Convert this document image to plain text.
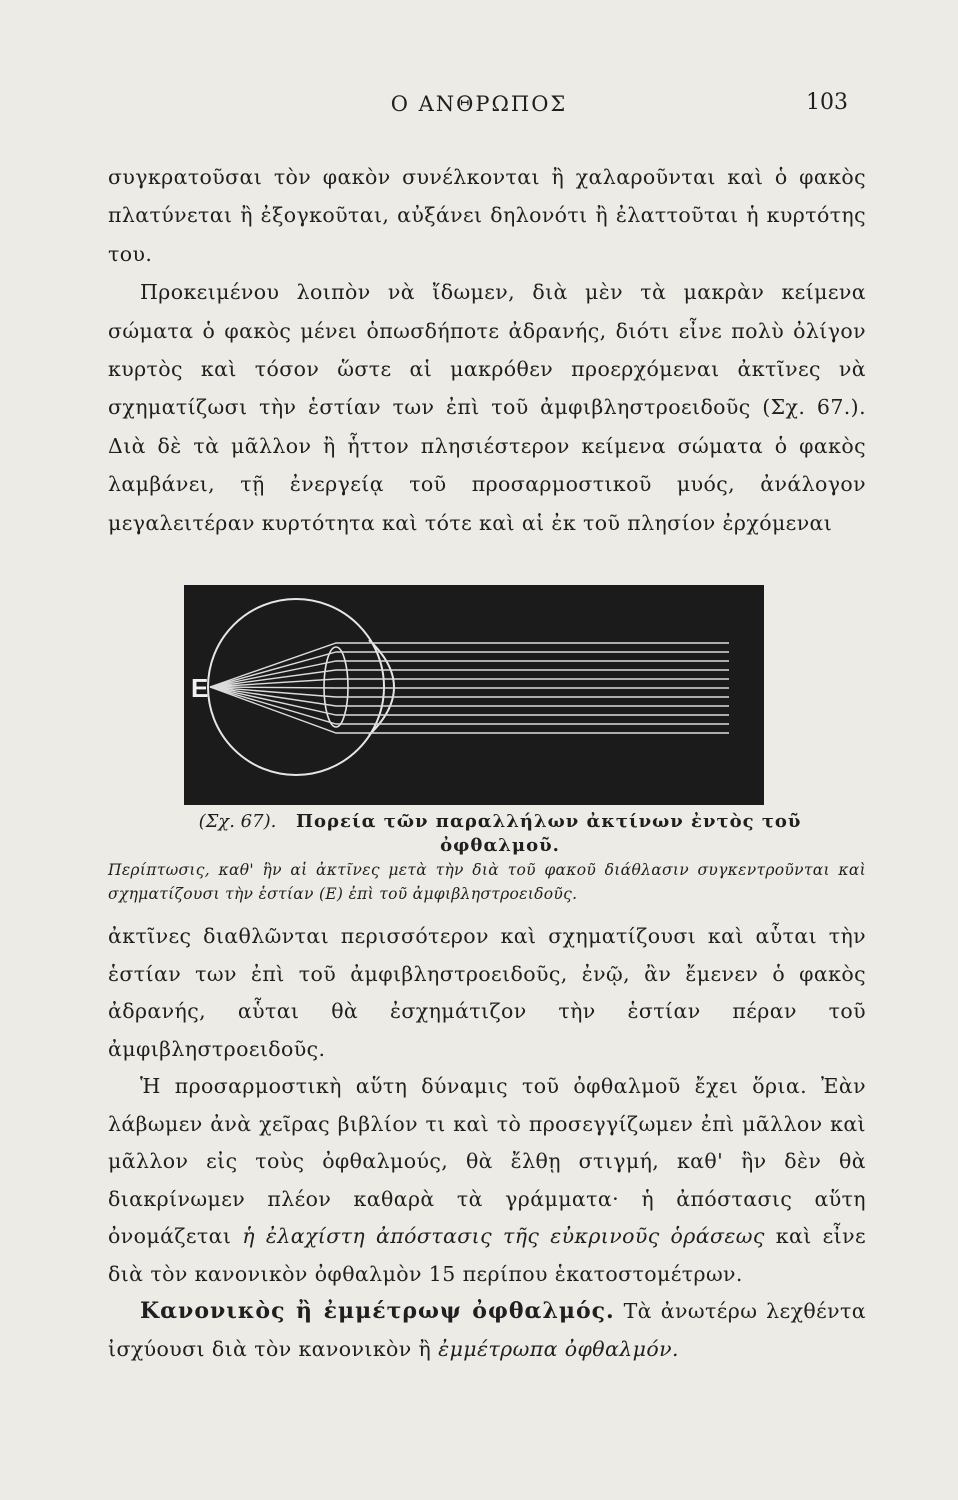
Ο ΑΝΘΡΩΠΟΣ	103

συγκρατοῦσαι τὸν φακὸν συνέλκονται ἢ χαλαροῦνται καὶ ὁ φακὸς πλατύνεται ἢ ἐξογκοῦται, αὐξάνει δηλονότι ἢ ἐλαττοῦται ἡ κυρτότης του.

Προκειμένου λοιπὸν νὰ ἴδωμεν, διὰ μὲν τὰ μακρὰν κείμενα σώματα ὁ φακὸς μένει ὁπωσδήποτε ἀδρανής, διότι εἶνε πολὺ ὀλίγον κυρτὸς καὶ τόσον ὥστε αἱ μακρόθεν προερχόμεναι ἀκτῖνες νὰ σχηματίζωσι τὴν ἑστίαν των ἐπὶ τοῦ ἀμφιβληστροειδοῦς (Σχ. 67.). Διὰ δὲ τὰ μᾶλλον ἢ ἧττον πλησιέστερον κείμενα σώματα ὁ φακὸς λαμβάνει, τῇ ἐνεργείᾳ τοῦ προσαρμοστικοῦ μυός, ἀνάλογον μεγαλειτέραν κυρτότητα καὶ τότε καὶ αἱ ἐκ τοῦ πλησίον ἐρχόμεναι

E
(Σχ. 67). Πορεία τῶν παραλλήλων ἀκτίνων ἐντὸς τοῦ ὀφθαλμοῦ.
Περίπτωσις, καθ' ἣν αἱ ἀκτῖνες μετὰ τὴν διὰ τοῦ φακοῦ διάθλασιν συγκεντροῦνται καὶ σχηματίζουσι τὴν ἑστίαν (Ε) ἐπὶ τοῦ ἀμφιβληστροειδοῦς.

ἀκτῖνες διαθλῶνται περισσότερον καὶ σχηματίζουσι καὶ αὗται τὴν ἑστίαν των ἐπὶ τοῦ ἀμφιβληστροειδοῦς, ἐνῷ, ἂν ἔμενεν ὁ φακὸς ἀδρανής, αὗται θὰ ἐσχημάτιζον τὴν ἑστίαν πέραν τοῦ ἀμφιβληστροειδοῦς.

Ἡ προσαρμοστικὴ αὕτη δύναμις τοῦ ὀφθαλμοῦ ἔχει ὅρια. Ἐὰν λάβωμεν ἀνὰ χεῖρας βιβλίον τι καὶ τὸ προσεγγίζωμεν ἐπὶ μᾶλλον καὶ μᾶλλον εἰς τοὺς ὀφθαλμούς, θὰ ἔλθῃ στιγμή, καθ' ἣν δὲν θὰ διακρίνωμεν πλέον καθαρὰ τὰ γράμματα· ἡ ἀπόστασις αὕτη ὀνομάζεται ἡ ἐλαχίστη ἀπόστασις τῆς εὐκρινοῦς ὁράσεως καὶ εἶνε διὰ τὸν κανονικὸν ὀφθαλμὸν 15 περίπου ἑκατοστομέτρων.

Κανονικὸς ἢ ἐμμέτρωψ ὀφθαλμός. Τὰ ἀνωτέρω λεχθέντα ἰσχύουσι διὰ τὸν κανονικὸν ἢ ἐμμέτρωπα ὀφθαλμόν.
